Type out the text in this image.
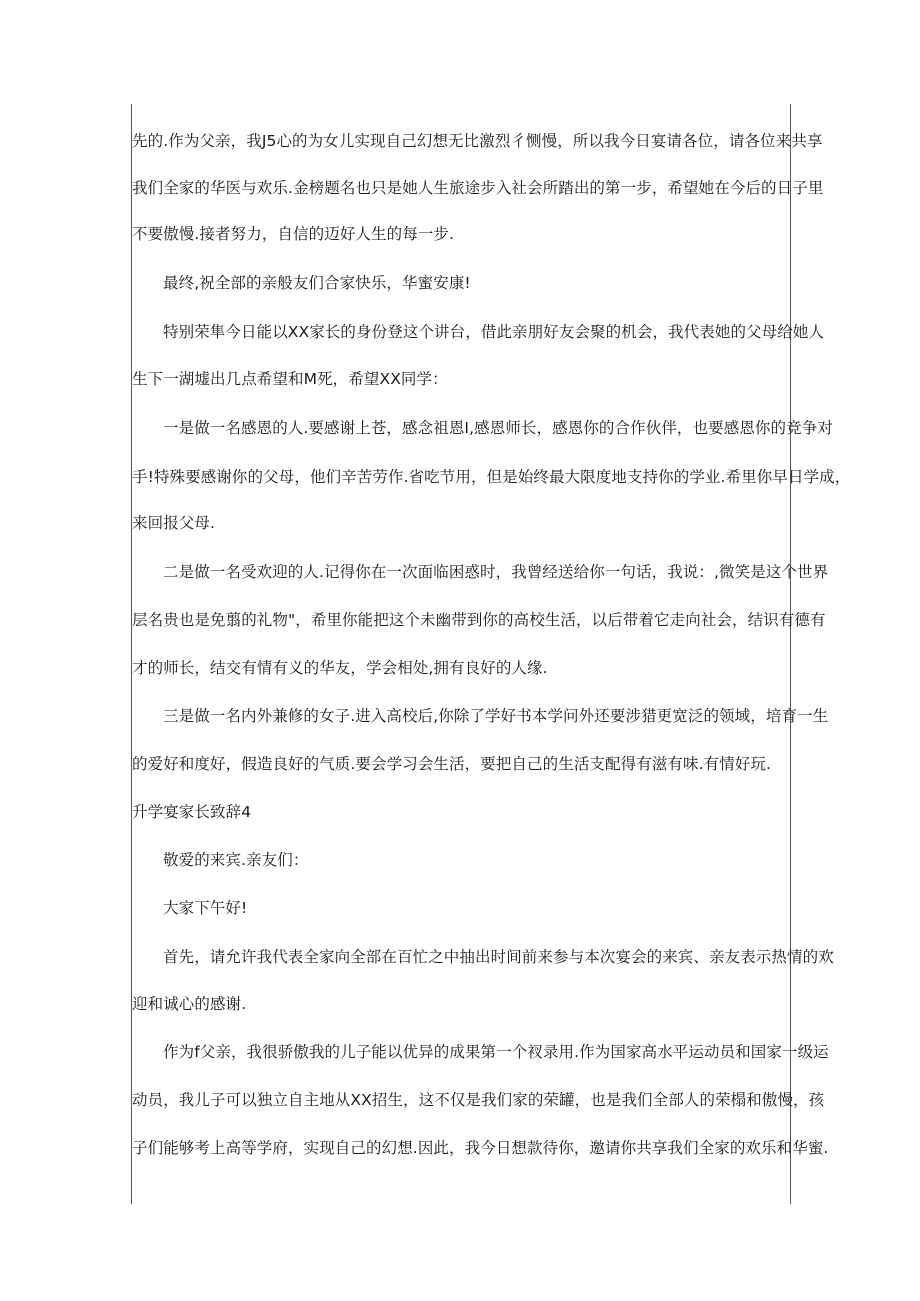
先的.作为父亲，我J5心的为女儿实现自己幻想无比激烈彳恻慢，所以我今日宴请各位，请各位来共享
我们全家的华医与欢乐.金榜题名也只是她人生旅途步入社会所踏出的第一步，希望她在今后的日子里
不要傲慢.接者努力，自信的迈好人生的每一步.
最终,祝全部的亲般友们合家快乐，华蜜安康!
特别荣隼今日能以XX家长的身份登这个讲台，借此亲朋好友会聚的机会，我代表她的父母给她人
生下一湖墟出几点希望和M死，希望XX同学：
一是做一名感恩的人.要感谢上苍，感念祖恩I,感恩师长，感恩你的合作伙伴，也要感恩你的竞争对
手!特殊要感谢你的父母，他们辛苦劳作.省吃节用，但是始终最大限度地支持你的学业.希里你早日学成，
来回报父母.
二是做一名受欢迎的人.记得你在一次面临困惑时，我曾经送给你一句话，我说：,微笑是这个世界
层名贵也是免翦的礼物"，希里你能把这个未幽带到你的高校生活，以后带着它走向社会，结识有德有
才的师长，结交有情有义的华友，学会相处,拥有良好的人缘.
三是做一名内外兼修的女子.进入高校后,你除了学好书本学问外还要涉猎更宽泛的领域，培育一生
的爱好和度好，假造良好的气质.要会学习会生活，要把自己的生活支配得有滋有味.有情好玩.
升学宴家长致辞4
敬爱的来宾.亲友们：
大家下午好!
首先，请允许我代表全家向全部在百忙之中抽出时间前来参与本次宴会的来宾、亲友表示热情的欢
迎和诚心的感谢.
作为f父亲，我很骄傲我的儿子能以优异的成果第一个衩录用.作为国家高水平运动员和国家一级运
动员，我儿子可以独立自主地从XX招生，这不仅是我们家的荣罐，也是我们全部人的荣榻和傲慢，孩
子们能够考上高等学府，实现自己的幻想.因此，我今日想款待你，邀请你共享我们全家的欢乐和华蜜.
